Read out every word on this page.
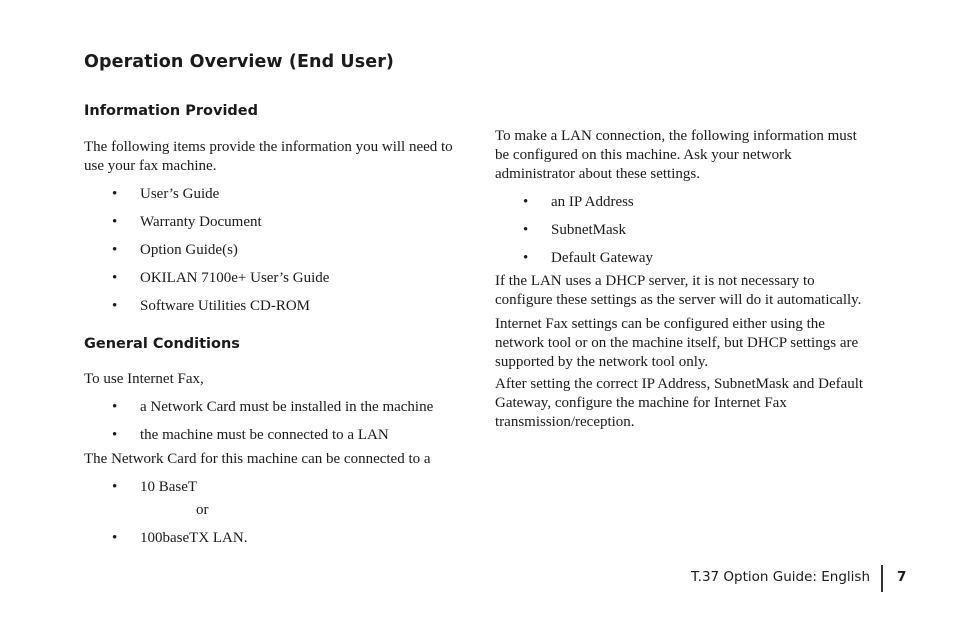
Operation Overview (End User)
Information Provided
The following items provide the information you will need to
use your fax machine.
• User’s Guide
• Warranty Document
• Option Guide(s)
• OKILAN 7100e+ User’s Guide
• Software Utilities CD-ROM
General Conditions
To use Internet Fax,
• a Network Card must be installed in the machine
• the machine must be connected to a LAN
The Network Card for this machine can be connected to a
• 10 BaseT
or
• 100baseTX LAN.
To make a LAN connection, the following information must
be configured on this machine. Ask your network
administrator about these settings.
• an IP Address
• SubnetMask
• Default Gateway
If the LAN uses a DHCP server, it is not necessary to
configure these settings as the server will do it automatically.
Internet Fax settings can be configured either using the
network tool or on the machine itself, but DHCP settings are
supported by the network tool only.
After setting the correct IP Address, SubnetMask and Default
Gateway, configure the machine for Internet Fax
transmission/reception.
T.37 Option Guide: English 7
